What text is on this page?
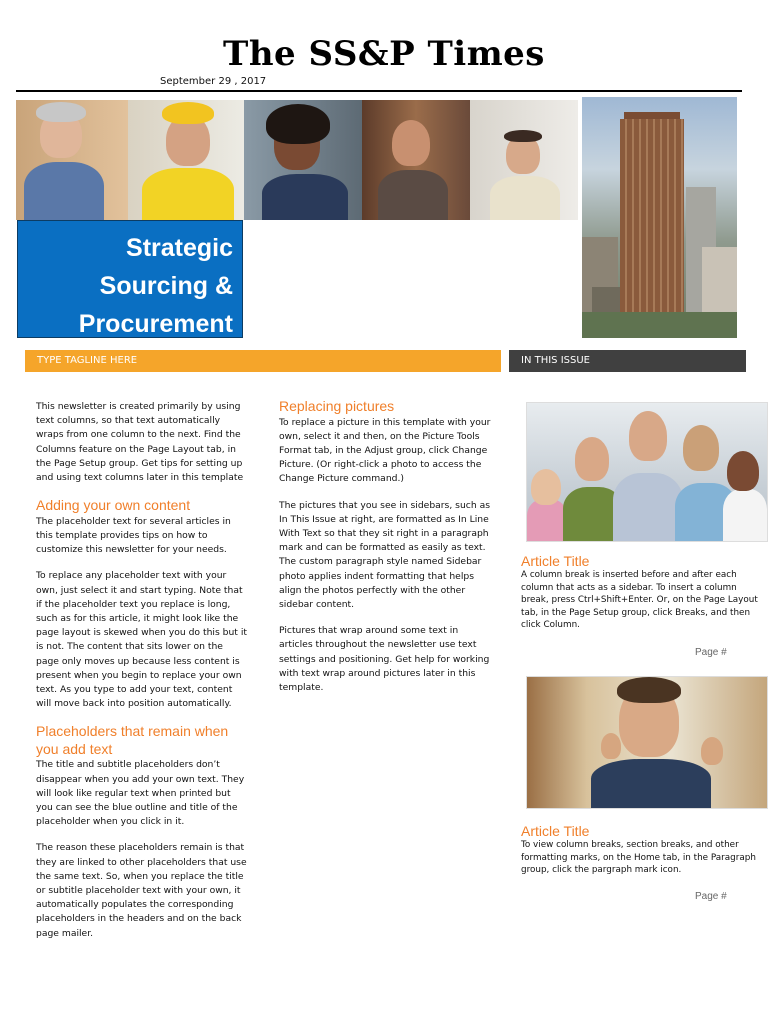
The SS&P Times
September 29 , 2017
Strategic
Sourcing &
Procurement
TYPE TAGLINE HERE	IN THIS ISSUE

This newsletter is created primarily by using text columns, so that text automatically wraps from one column to the next. Find the Columns feature on the Page Layout tab, in the Page Setup group. Get tips for setting up and using text columns later in this template

Adding your own content

The placeholder text for several articles in this template provides tips on how to customize this newsletter for your needs.

To replace any placeholder text with your own, just select it and start typing. Note that if the placeholder text you replace is long, such as for this article, it might look like the page layout is skewed when you do this but it is not. The content that sits lower on the page only moves up because less content is present when you begin to replace your own text. As you type to add your text, content will move back into position automatically.

Placeholders that remain when you add text

The title and subtitle placeholders don’t disappear when you add your own text. They will look like regular text when printed but you can see the blue outline and title of the placeholder when you click in it.

The reason these placeholders remain is that they are linked to other placeholders that use the same text. So, when you replace the title or subtitle placeholder text with your own, it automatically populates the corresponding placeholders in the headers and on the back page mailer.

Replacing pictures

To replace a picture in this template with your own, select it and then, on the Picture Tools Format tab, in the Adjust group, click Change Picture. (Or right-click a photo to access the Change Picture command.)

The pictures that you see in sidebars, such as In This Issue at right, are formatted as In Line With Text so that they sit right in a paragraph mark and can be formatted as easily as text. The custom paragraph style named Sidebar photo applies indent formatting that helps align the photos perfectly with the other sidebar content.

Pictures that wrap around some text in articles throughout the newsletter use text settings and positioning. Get help for working with text wrap around pictures later in this template.

Article Title
A column break is inserted before and after each column that acts as a sidebar. To insert a column break, press Ctrl+Shift+Enter. Or, on the Page Layout tab, in the Page Setup group, click Breaks, and then click Column.
Page #
Article Title
To view column breaks, section breaks, and other formatting marks, on the Home tab, in the Paragraph group, click the pargraph mark icon.
Page #
